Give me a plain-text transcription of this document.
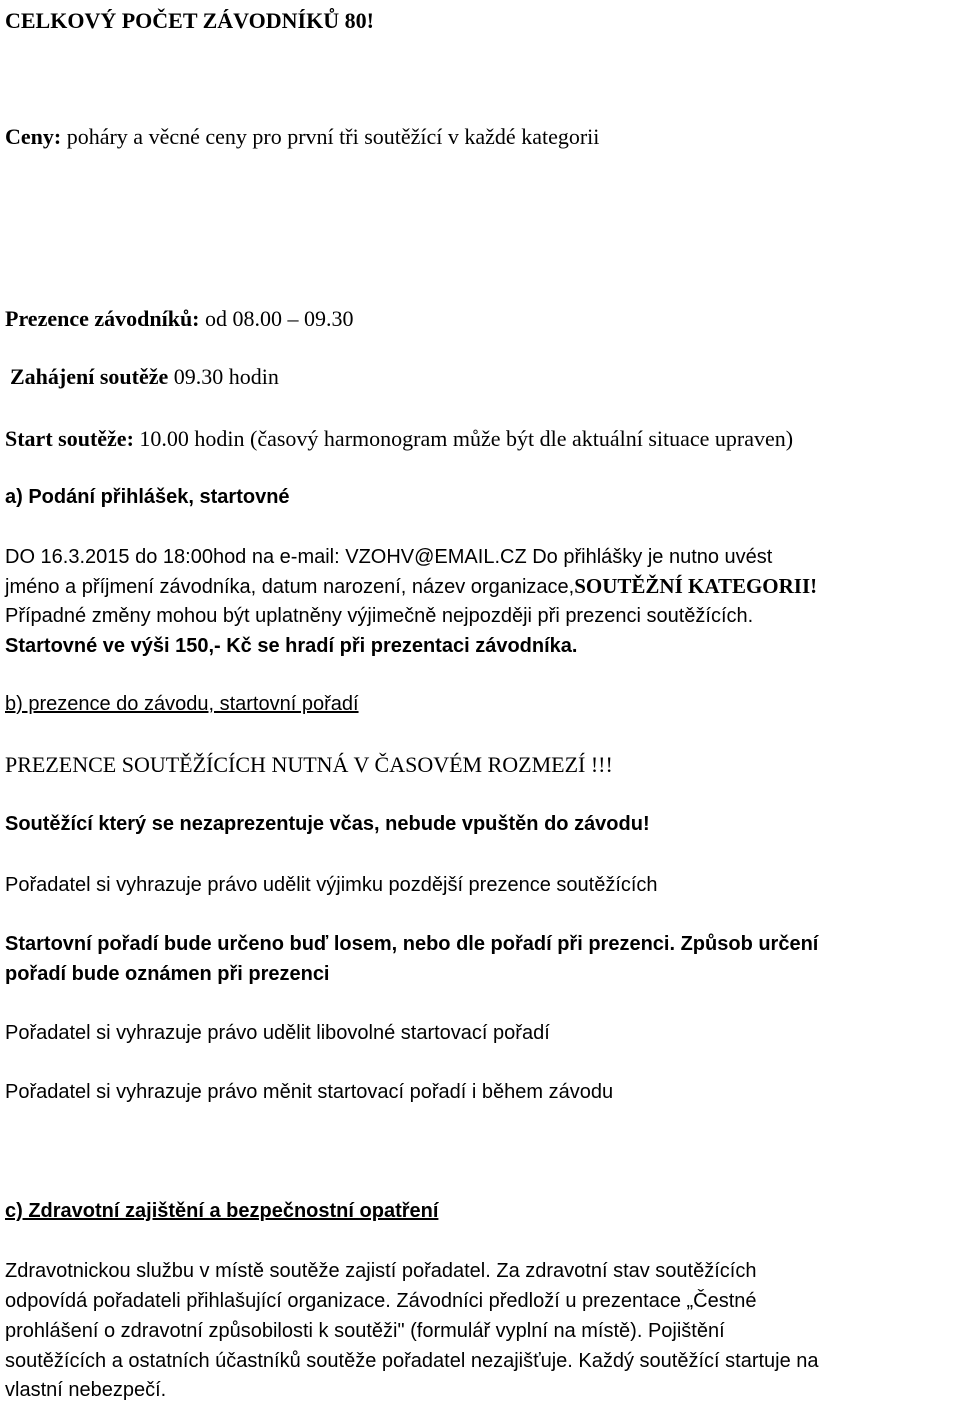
CELKOVÝ POČET ZÁVODNÍKŮ 80!
Ceny: poháry a věcné ceny pro první tři soutěžící v každé kategorii
Prezence závodníků: od 08.00 – 09.30
Zahájení soutěže 09.30 hodin
Start soutěže: 10.00 hodin (časový harmonogram může být dle aktuální situace upraven)
a) Podání přihlášek, startovné
DO 16.3.2015 do 18:00hod na e-mail: VZOHV@EMAIL.CZ Do přihlášky je nutno uvést
jméno a příjmení závodníka, datum narození, název organizace,SOUTĚŽNÍ KATEGORII!
Případné změny mohou být uplatněny výjimečně nejpozději při prezenci soutěžících.
Startovné ve výši 150,- Kč se hradí při prezentaci závodníka.
b) prezence do závodu, startovní pořadí
PREZENCE SOUTĚŽÍCÍCH NUTNÁ V ČASOVÉM ROZMEZÍ !!!
Soutěžící který se nezaprezentuje včas, nebude vpuštěn do závodu!
Pořadatel si vyhrazuje právo udělit výjimku pozdější prezence soutěžících
Startovní pořadí bude určeno buď losem, nebo dle pořadí při prezenci. Způsob určení
pořadí bude oznámen při prezenci
Pořadatel si vyhrazuje právo udělit libovolné startovací pořadí
Pořadatel si vyhrazuje právo měnit startovací pořadí i během závodu
c) Zdravotní zajištění a bezpečnostní opatření
Zdravotnickou službu v místě soutěže zajistí pořadatel. Za zdravotní stav soutěžících
odpovídá pořadateli přihlašující organizace. Závodníci předloží u prezentace „Čestné
prohlášení o zdravotní způsobilosti k soutěži" (formulář vyplní na místě). Pojištění
soutěžících a ostatních účastníků soutěže pořadatel nezajišťuje. Každý soutěžící startuje na
vlastní nebezpečí.
